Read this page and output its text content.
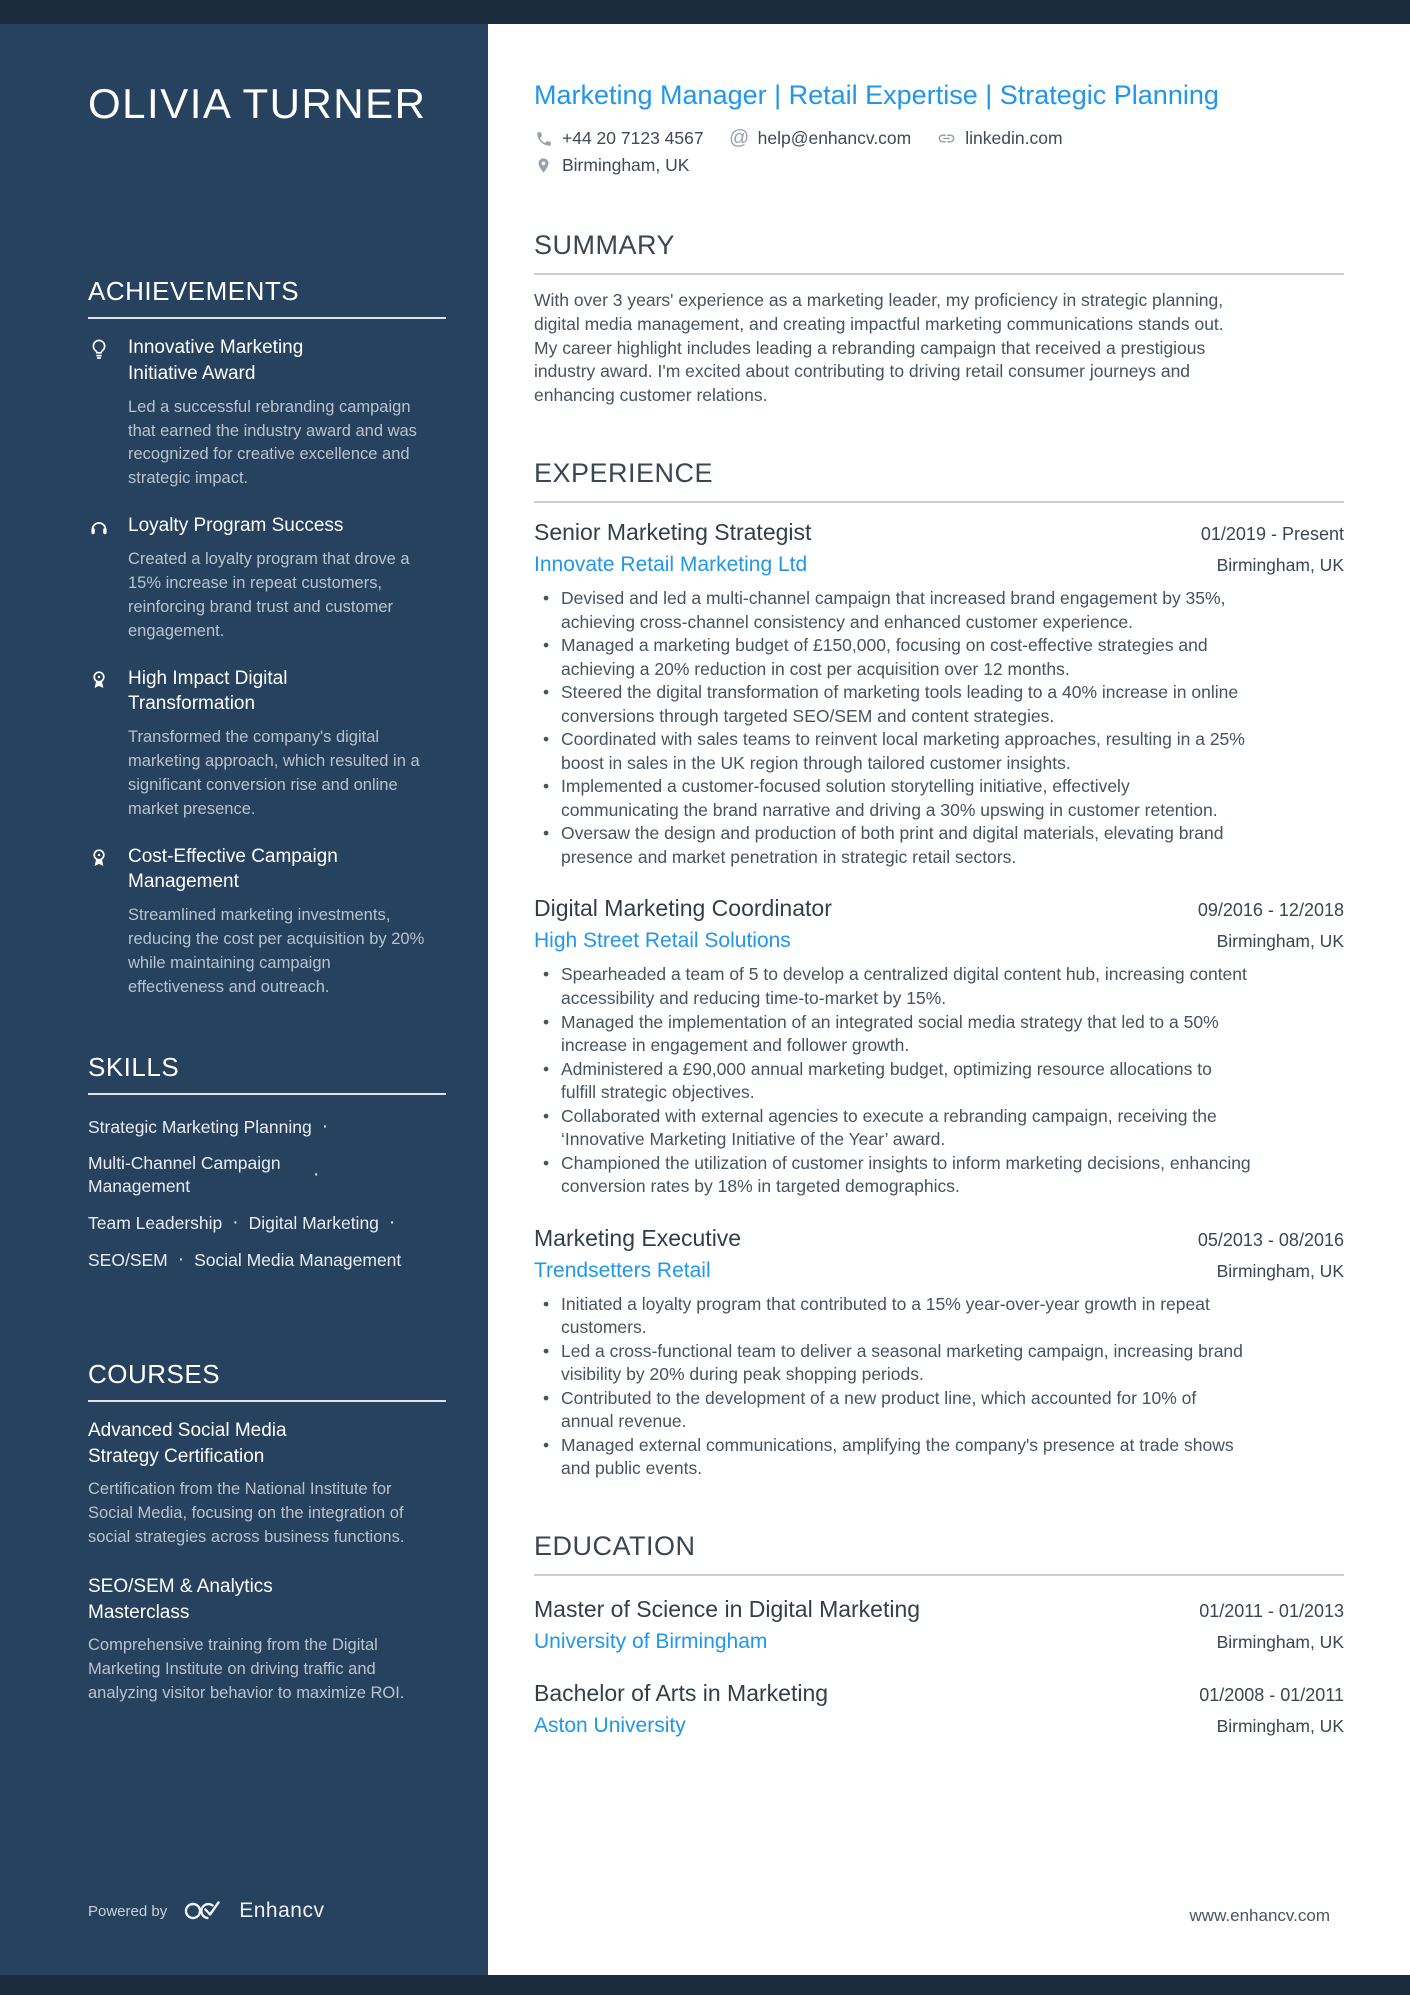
OLIVIA TURNER
ACHIEVEMENTS
Innovative Marketing Initiative Award

Led a successful rebranding campaign that earned the industry award and was recognized for creative excellence and strategic impact.

Loyalty Program Success

Created a loyalty program that drove a 15% increase in repeat customers, reinforcing brand trust and customer engagement.

High Impact Digital Transformation

Transformed the company's digital marketing approach, which resulted in a significant conversion rise and online market presence.

Cost-Effective Campaign Management

Streamlined marketing investments, reducing the cost per acquisition by 20% while maintaining campaign effectiveness and outreach.

SKILLS
Strategic Marketing Planning ·
Multi-Channel Campaign Management
·
Team Leadership · Digital Marketing ·
SEO/SEM · Social Media Management
COURSES
Advanced Social Media Strategy Certification

Certification from the National Institute for Social Media, focusing on the integration of social strategies across business functions.

SEO/SEM & Analytics Masterclass

Comprehensive training from the Digital Marketing Institute on driving traffic and analyzing visitor behavior to maximize ROI.

Marketing Manager | Retail Expertise | Strategic Planning
+44 20 7123 4567 @ help@enhancv.com	linkedin.com
Birmingham, UK
SUMMARY

With over 3 years' experience as a marketing leader, my proficiency in strategic planning, digital media management, and creating impactful marketing communications stands out. My career highlight includes leading a rebranding campaign that received a prestigious industry award. I'm excited about contributing to driving retail consumer journeys and enhancing customer relations.

EXPERIENCE
Senior Marketing Strategist	01/2019 - Present
Innovate Retail Marketing Ltd	Birmingham, UK
• Devised and led a multi-channel campaign that increased brand engagement by 35%, achieving cross-channel consistency and enhanced customer experience.
• Managed a marketing budget of £150,000, focusing on cost-effective strategies and achieving a 20% reduction in cost per acquisition over 12 months.
• Steered the digital transformation of marketing tools leading to a 40% increase in online conversions through targeted SEO/SEM and content strategies.
• Coordinated with sales teams to reinvent local marketing approaches, resulting in a 25% boost in sales in the UK region through tailored customer insights.
• Implemented a customer-focused solution storytelling initiative, effectively communicating the brand narrative and driving a 30% upswing in customer retention.
• Oversaw the design and production of both print and digital materials, elevating brand presence and market penetration in strategic retail sectors.
Digital Marketing Coordinator	09/2016 - 12/2018
High Street Retail Solutions	Birmingham, UK
• Spearheaded a team of 5 to develop a centralized digital content hub, increasing content accessibility and reducing time-to-market by 15%.
• Managed the implementation of an integrated social media strategy that led to a 50% increase in engagement and follower growth.
• Administered a £90,000 annual marketing budget, optimizing resource allocations to fulfill strategic objectives.
• Collaborated with external agencies to execute a rebranding campaign, receiving the ‘Innovative Marketing Initiative of the Year’ award.
• Championed the utilization of customer insights to inform marketing decisions, enhancing conversion rates by 18% in targeted demographics.
Marketing Executive	05/2013 - 08/2016
Trendsetters Retail	Birmingham, UK
• Initiated a loyalty program that contributed to a 15% year-over-year growth in repeat customers.
• Led a cross-functional team to deliver a seasonal marketing campaign, increasing brand visibility by 20% during peak shopping periods.
• Contributed to the development of a new product line, which accounted for 10% of annual revenue.
• Managed external communications, amplifying the company's presence at trade shows and public events.
EDUCATION
Master of Science in Digital Marketing	01/2011 - 01/2013
University of Birmingham	Birmingham, UK
Bachelor of Arts in Marketing	01/2008 - 01/2011
Aston University	Birmingham, UK
Powered by	Enhancv	www.enhancv.com
